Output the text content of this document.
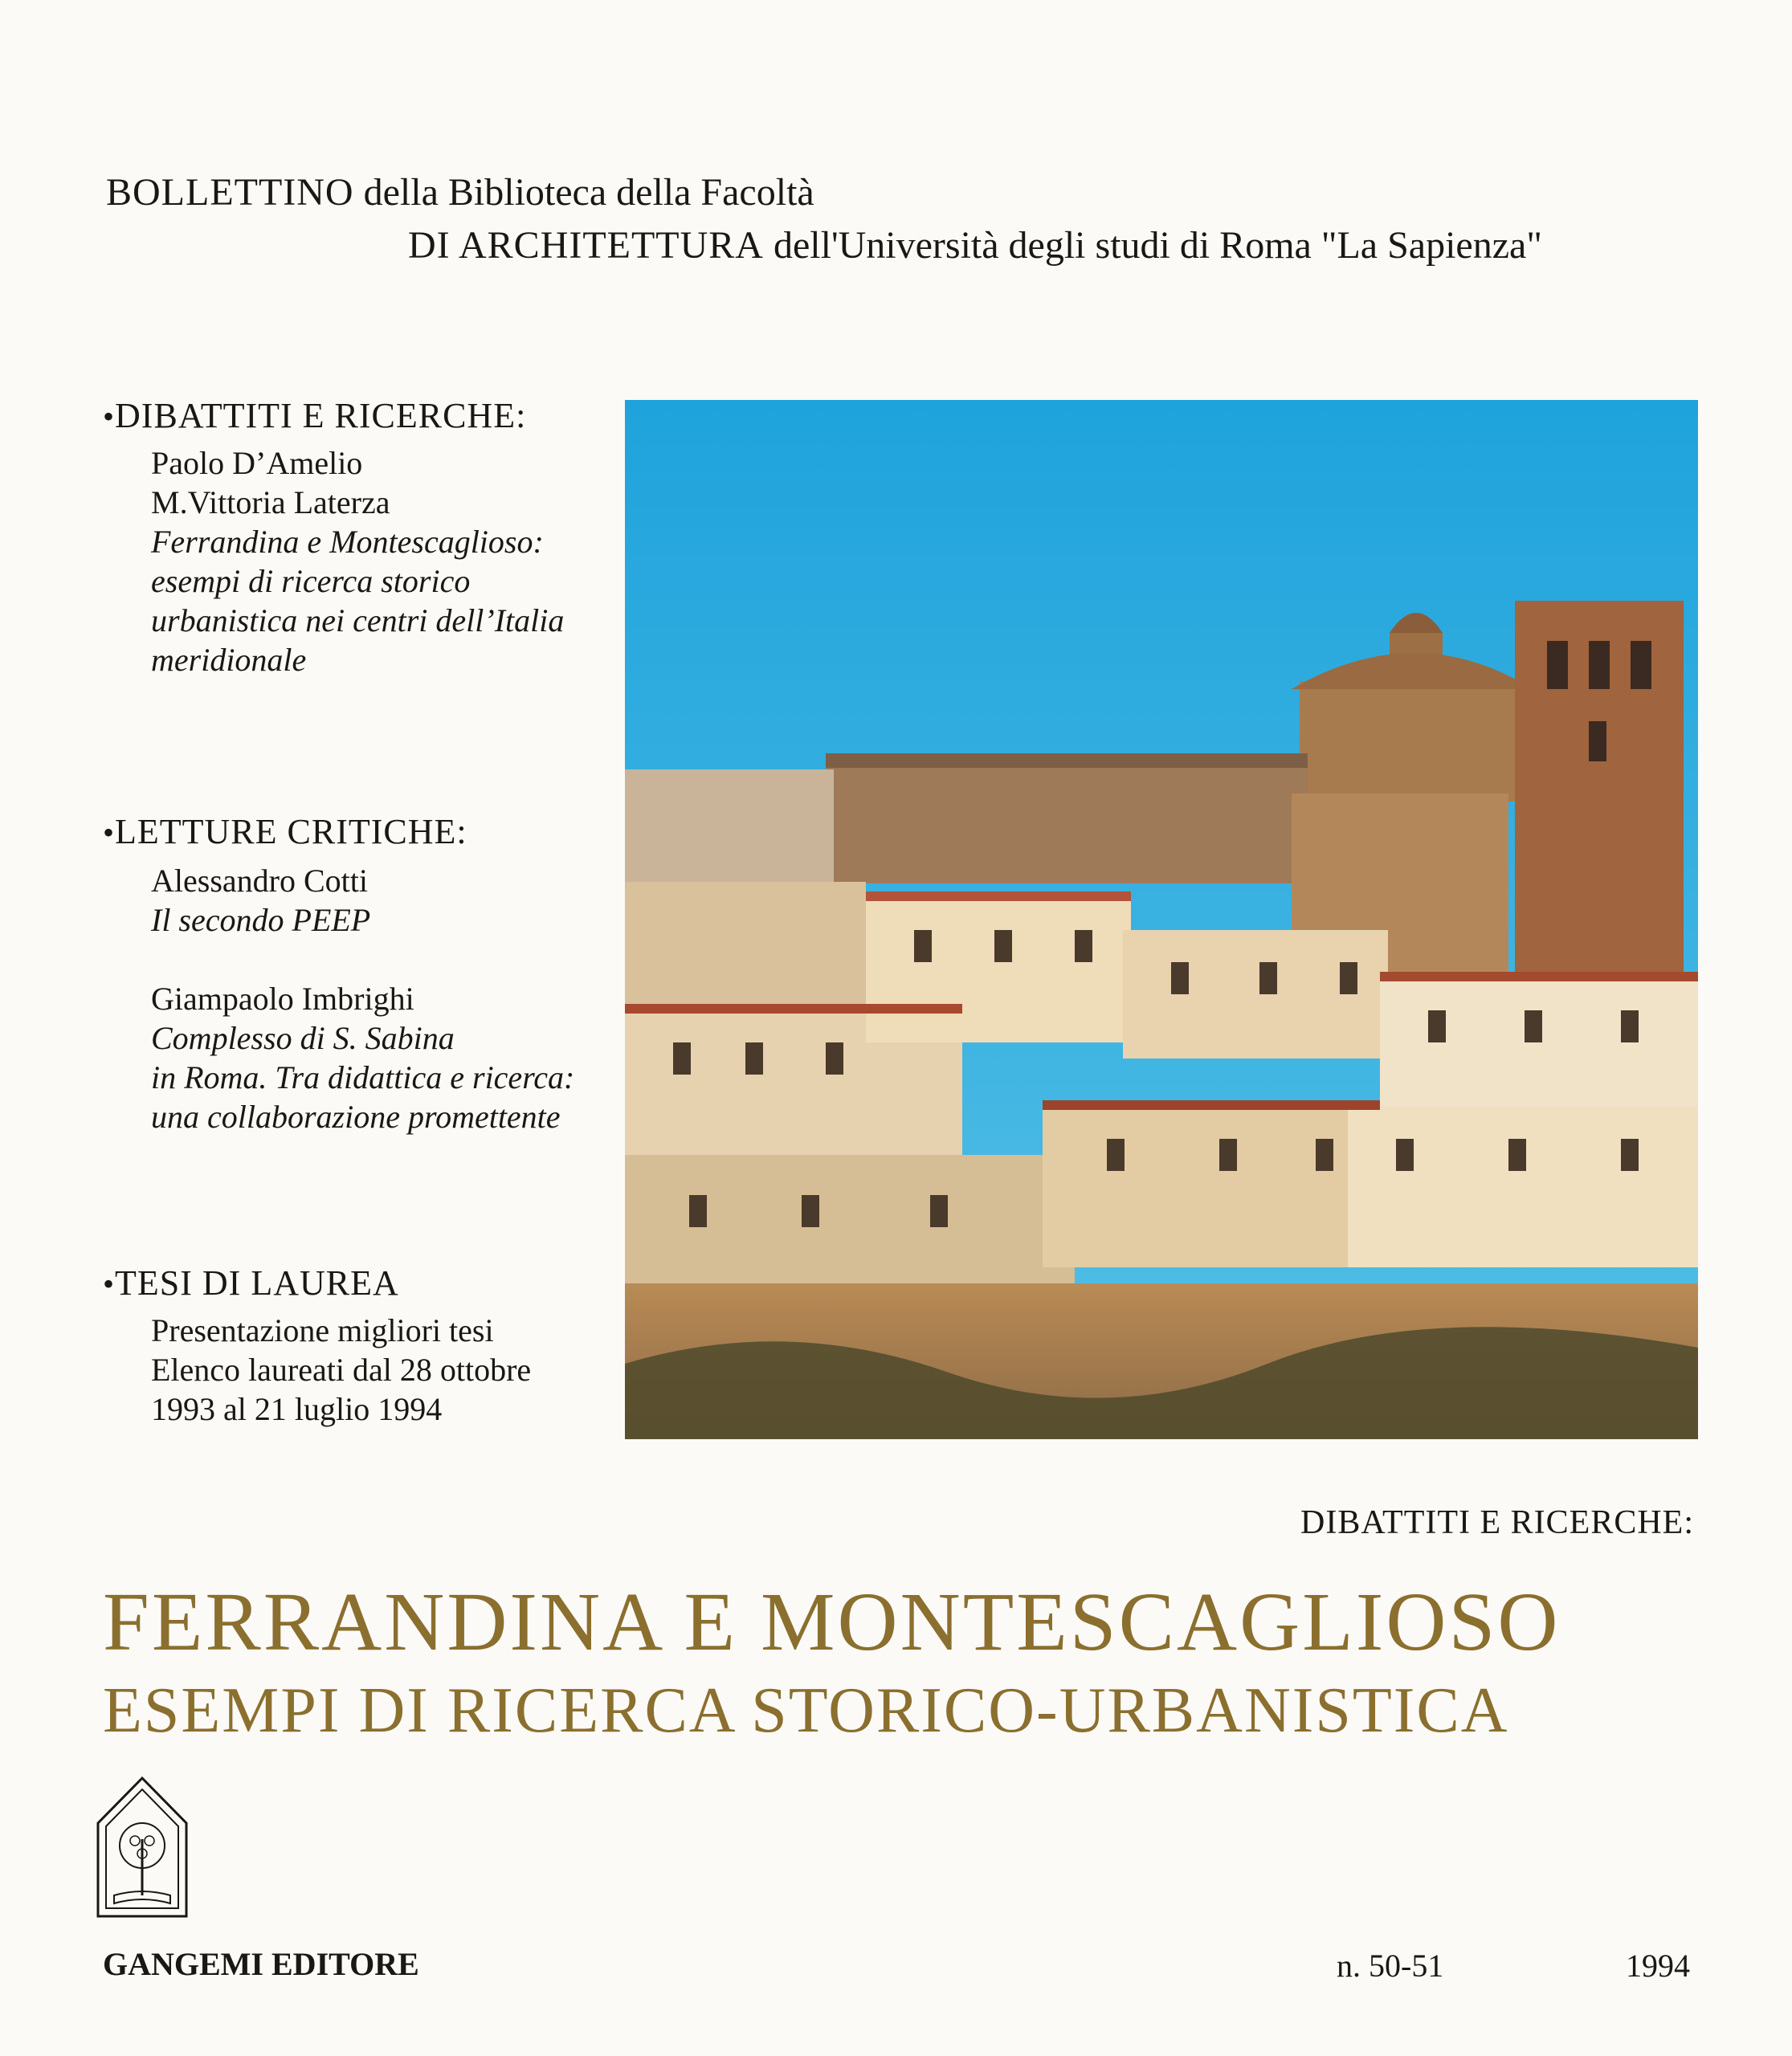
BOLLETTINO della Biblioteca della Facoltà
DI ARCHITETTURA dell'Università degli studi di Roma "La Sapienza"
•DIBATTITI E RICERCHE:
Paolo D’Amelio
M.Vittoria Laterza
Ferrandina e Montescaglioso:
esempi di ricerca storico
urbanistica nei centri dell’Italia
meridionale
•LETTURE CRITICHE:
Alessandro Cotti
Il secondo PEEP
Giampaolo Imbrighi
Complesso di S. Sabina
in Roma. Tra didattica e ricerca:
una collaborazione promettente
•TESI DI LAUREA
Presentazione migliori tesi
Elenco laureati dal 28 ottobre
1993 al 21 luglio 1994
DIBATTITI E RICERCHE:
FERRANDINA E MONTESCAGLIOSO
ESEMPI DI RICERCA STORICO-URBANISTICA
GANGEMI EDITORE	n. 50-51	1994
